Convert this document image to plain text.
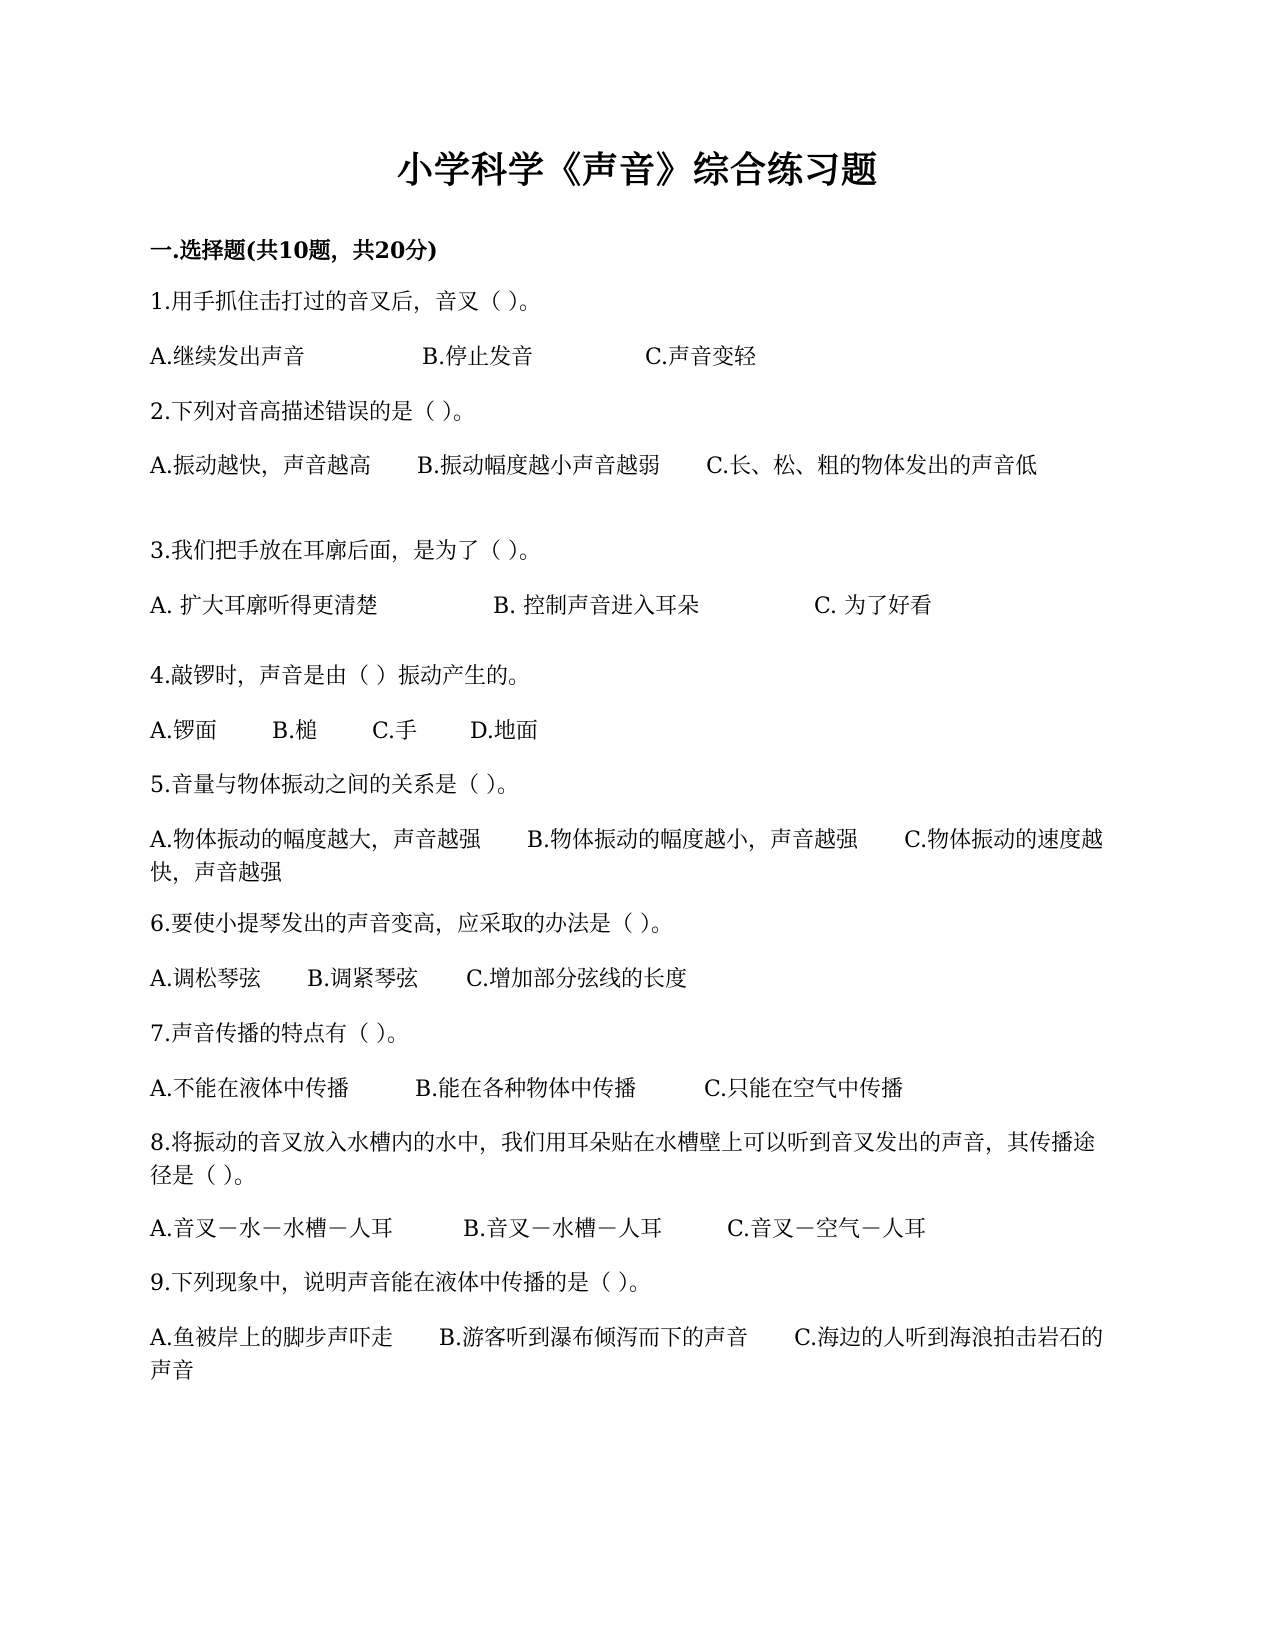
小学科学《声音》综合练习题
一.选择题(共10题，共20分)
1.用手抓住击打过的音叉后，音叉（ ）。
A.继续发出声音	B.停止发音	C.声音变轻
2.下列对音高描述错误的是（ ）。
A.振动越快，声音越高 B.振动幅度越小声音越弱 C.长、松、粗的物体发出的声音低
3.我们把手放在耳廓后面，是为了（ ）。
A. 扩大耳廓听得更清楚	B. 控制声音进入耳朵	C. 为了好看
4.敲锣时，声音是由（ ）振动产生的。
A.锣面	B.槌 C.手 D.地面
5.音量与物体振动之间的关系是（ ）。
A.物体振动的幅度越大，声音越强 B.物体振动的幅度越小，声音越强 C.物体振动的速度越快，声音越强
6.要使小提琴发出的声音变高，应采取的办法是（ ）。
A.调松琴弦 B.调紧琴弦 C.增加部分弦线的长度
7.声音传播的特点有（ ）。
A.不能在液体中传播	B.能在各种物体中传播	C.只能在空气中传播
8.将振动的音叉放入水槽内的水中，我们用耳朵贴在水槽壁上可以听到音叉发出的声音，其传播途径是（ ）。
A.音叉－水－水槽－人耳	B.音叉－水槽－人耳	C.音叉－空气－人耳
9.下列现象中，说明声音能在液体中传播的是（ ）。
A.鱼被岸上的脚步声吓走 B.游客听到瀑布倾泻而下的声音 C.海边的人听到海浪拍击岩石的声音
